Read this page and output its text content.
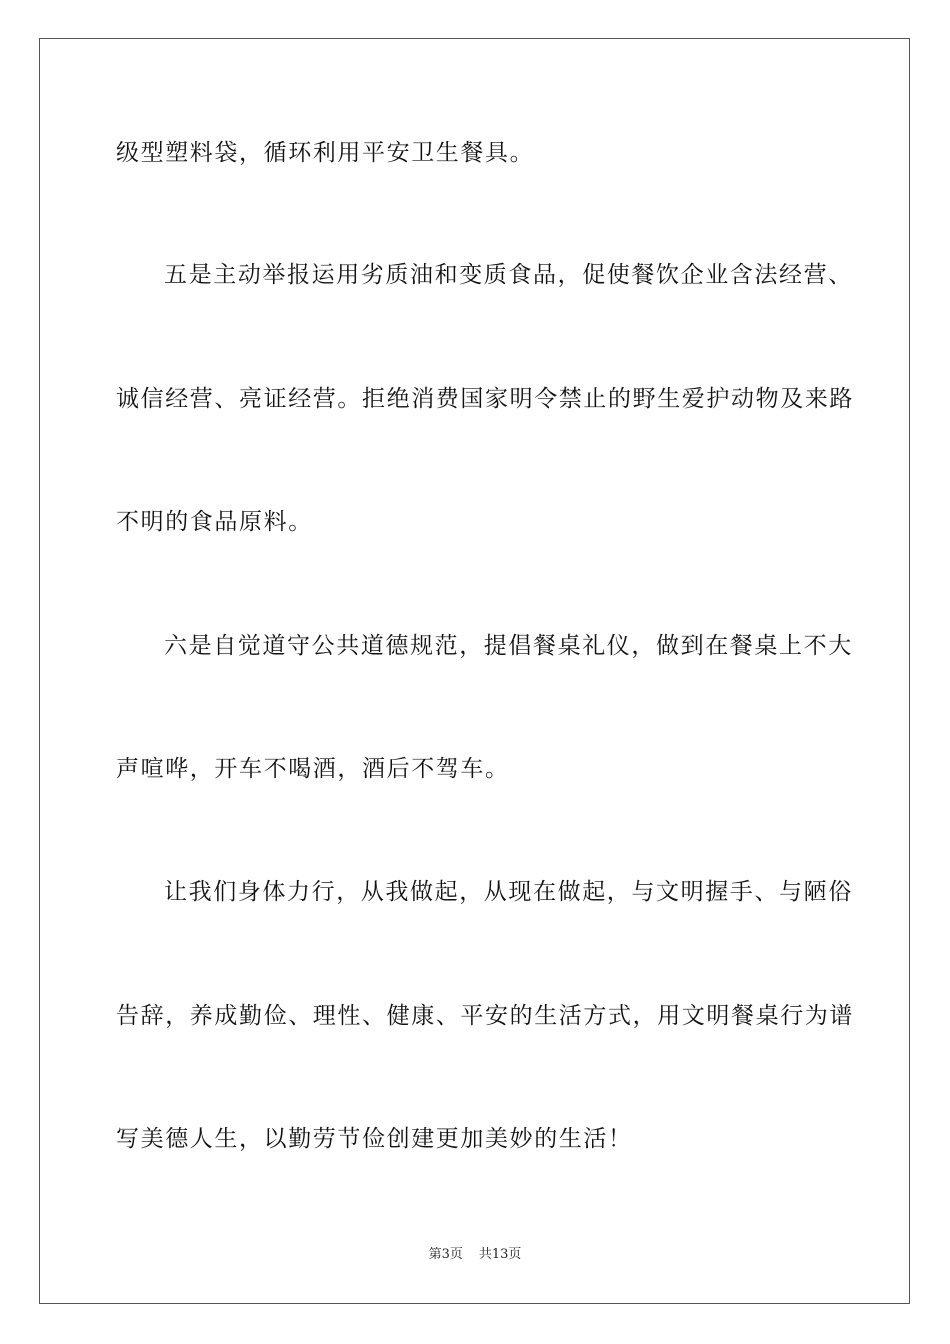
级型塑料袋，循环利用平安卫生餐具。

五是主动举报运用劣质油和变质食品，促使餐饮企业含法经营、

诚信经营、亮证经营。拒绝消费国家明令禁止的野生爱护动物及来路

不明的食品原料。

六是自觉道守公共道德规范，提倡餐桌礼仪，做到在餐桌上不大

声喧哗，开车不喝酒，酒后不驾车。

让我们身体力行，从我做起，从现在做起，与文明握手、与陋俗

告辞，养成勤俭、理性、健康、平安的生活方式，用文明餐桌行为谱

写美德人生，以勤劳节俭创建更加美妙的生活！

第3页 共13页
